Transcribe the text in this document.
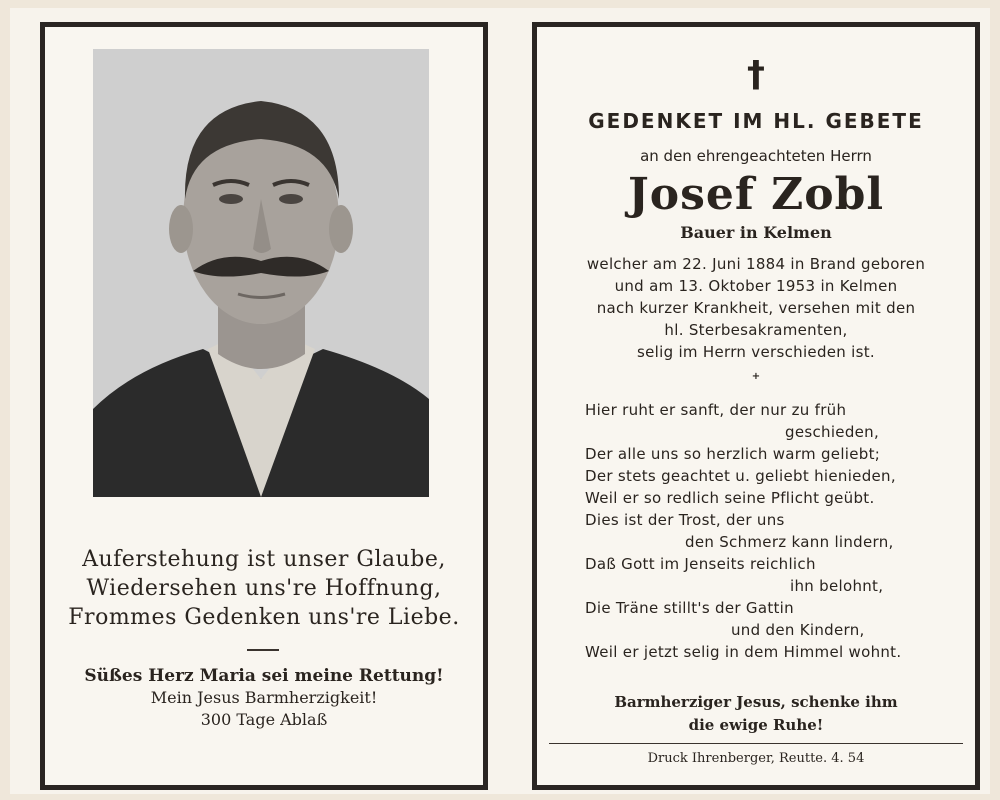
Auferstehung ist unser Glaube,
Wiedersehen uns're Hoffnung,
Frommes Gedenken uns're Liebe.
Süßes Herz Maria sei meine Rettung!
Mein Jesus Barmherzigkeit!
300 Tage Ablaß
†
GEDENKET IM HL. GEBETE
an den ehrengeachteten Herrn
Josef Zobl
Bauer in Kelmen
welcher am 22. Juni 1884 in Brand geboren
und am 13. Oktober 1953 in Kelmen
nach kurzer Krankheit, versehen mit den
hl. Sterbesakramenten,
selig im Herrn verschieden ist.
+
Hier ruht er sanft, der nur zu früh
geschieden,
Der alle uns so herzlich warm geliebt;
Der stets geachtet u. geliebt hienieden,
Weil er so redlich seine Pflicht geübt.
Dies ist der Trost, der uns
den Schmerz kann lindern,
Daß Gott im Jenseits reichlich
ihn belohnt,
Die Träne stillt's der Gattin
und den Kindern,
Weil er jetzt selig in dem Himmel wohnt.
Barmherziger Jesus, schenke ihm
die ewige Ruhe!
Druck Ihrenberger, Reutte. 4. 54
